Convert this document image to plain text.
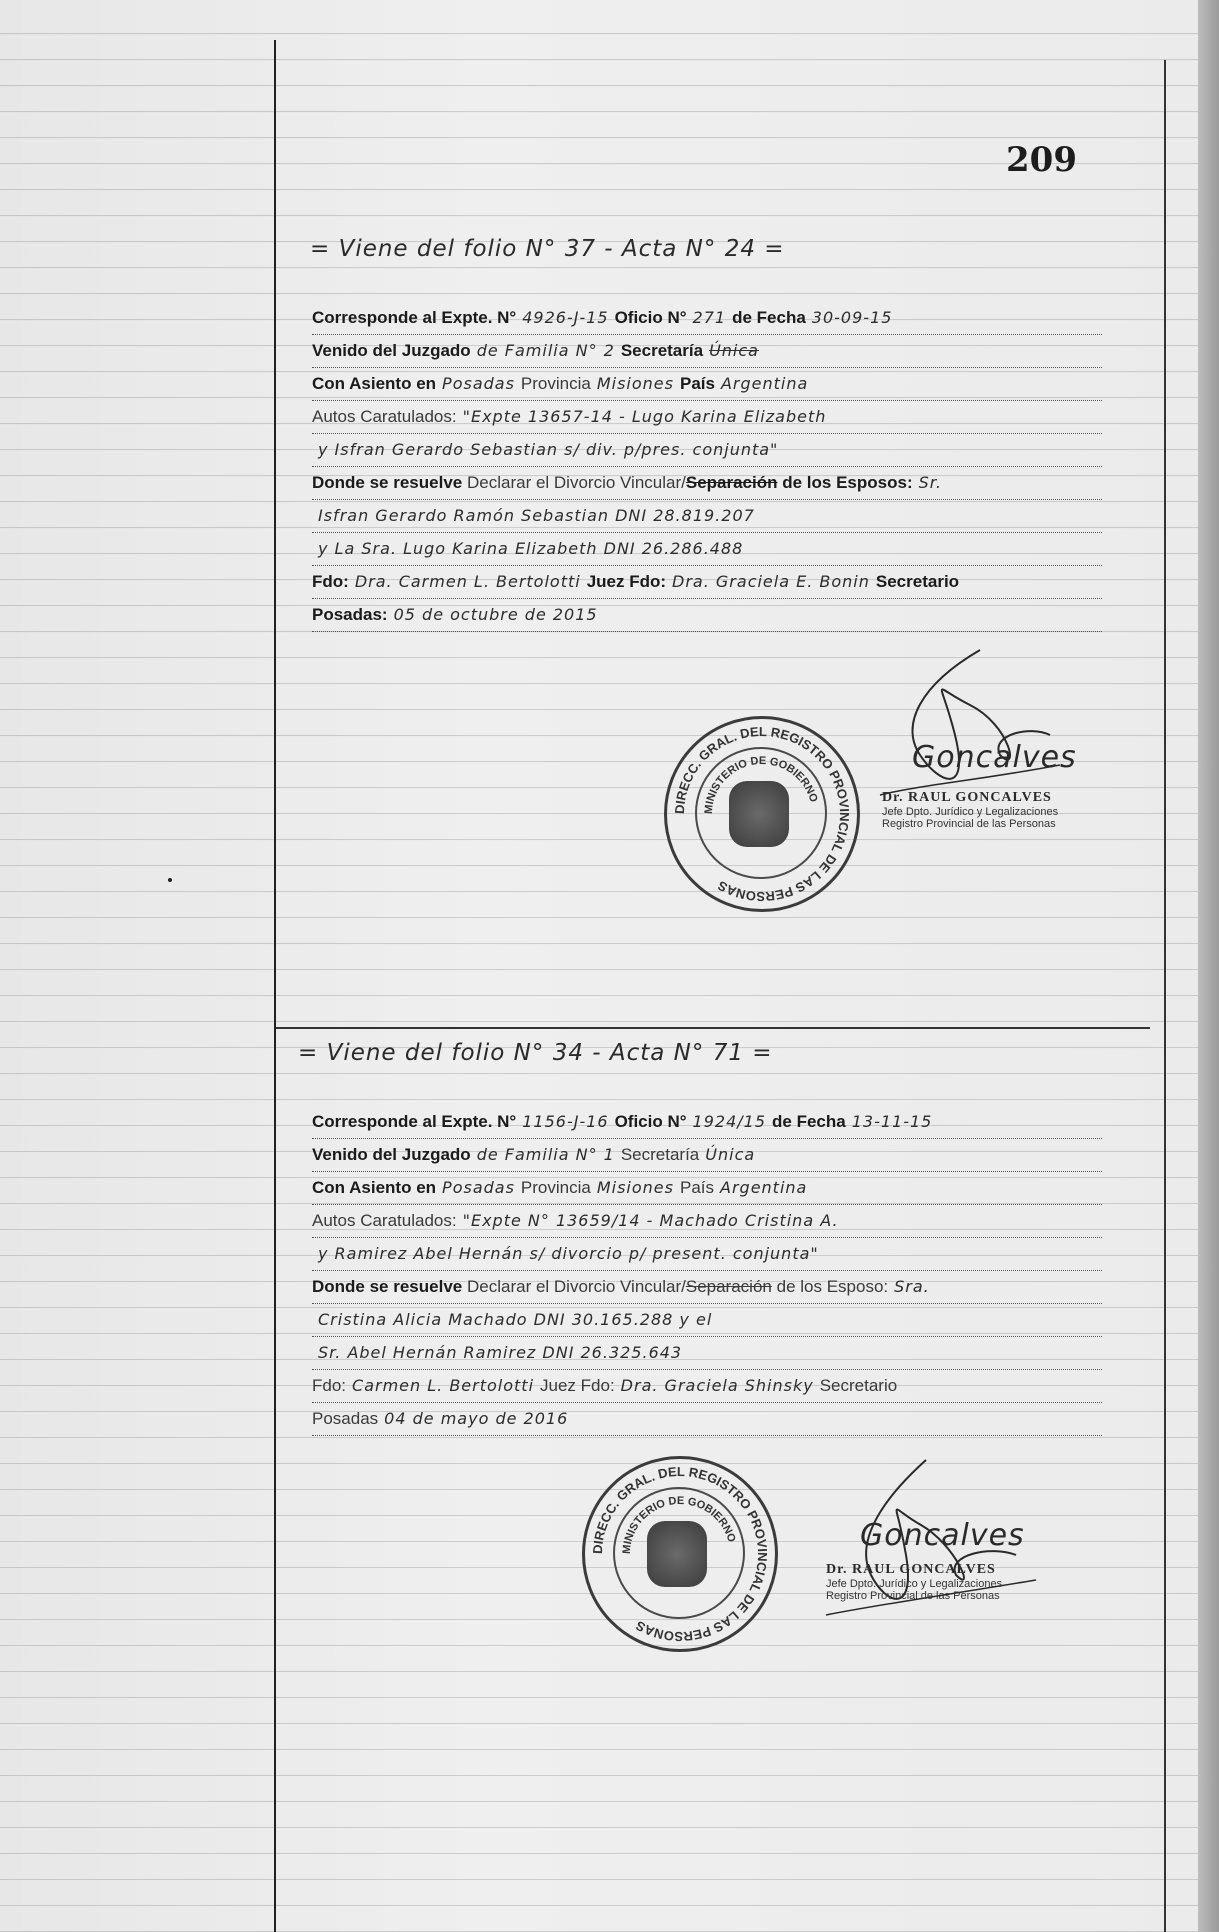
209
= Viene del folio N° 37 - Acta N° 24 =
Corresponde al Expte. N° 4926-J-15 Oficio N° 271 de Fecha 30-09-15
Venido del Juzgado de Familia N° 2 Secretaría Única
Con Asiento en Posadas Provincia Misiones País Argentina
Autos Caratulados: "Expte 13657-14 - Lugo Karina Elizabeth
y Isfran Gerardo Sebastian s/ div. p/pres. conjunta"
Donde se resuelve Declarar el Divorcio Vincular/Separación de los Esposos: Sr.
Isfran Gerardo Ramón Sebastian DNI 28.819.207
y La Sra. Lugo Karina Elizabeth DNI 26.286.488
Fdo: Dra. Carmen L. Bertolotti Juez Fdo: Dra. Graciela E. Bonin Secretario
Posadas: 05 de octubre de 2015
DIRECC. GRAL. DEL REGISTRO PROVINCIAL DE LAS PERSONAS
MINISTERIO DE GOBIERNO
Goncalves
Dr. RAUL GONCALVES
Jefe Dpto. Jurídico y Legalizaciones
Registro Provincial de las Personas
= Viene del folio N° 34 - Acta N° 71 =
Corresponde al Expte. N° 1156-J-16 Oficio N° 1924/15 de Fecha 13-11-15
Venido del Juzgado de Familia N° 1 Secretaría Única
Con Asiento en Posadas Provincia Misiones País Argentina
Autos Caratulados: "Expte N° 13659/14 - Machado Cristina A.
y Ramirez Abel Hernán s/ divorcio p/ present. conjunta"
Donde se resuelve Declarar el Divorcio Vincular/Separación de los Esposo: Sra.
Cristina Alicia Machado DNI 30.165.288 y el
Sr. Abel Hernán Ramirez DNI 26.325.643
Fdo: Carmen L. Bertolotti Juez Fdo: Dra. Graciela Shinsky Secretario
Posadas 04 de mayo de 2016
DIRECC. GRAL. DEL REGISTRO PROVINCIAL DE LAS PERSONAS
MINISTERIO DE GOBIERNO	Goncalves
Dr. RAUL GONCALVES
Jefe Dpto. Jurídico y Legalizaciones
Registro Provincial de las Personas
